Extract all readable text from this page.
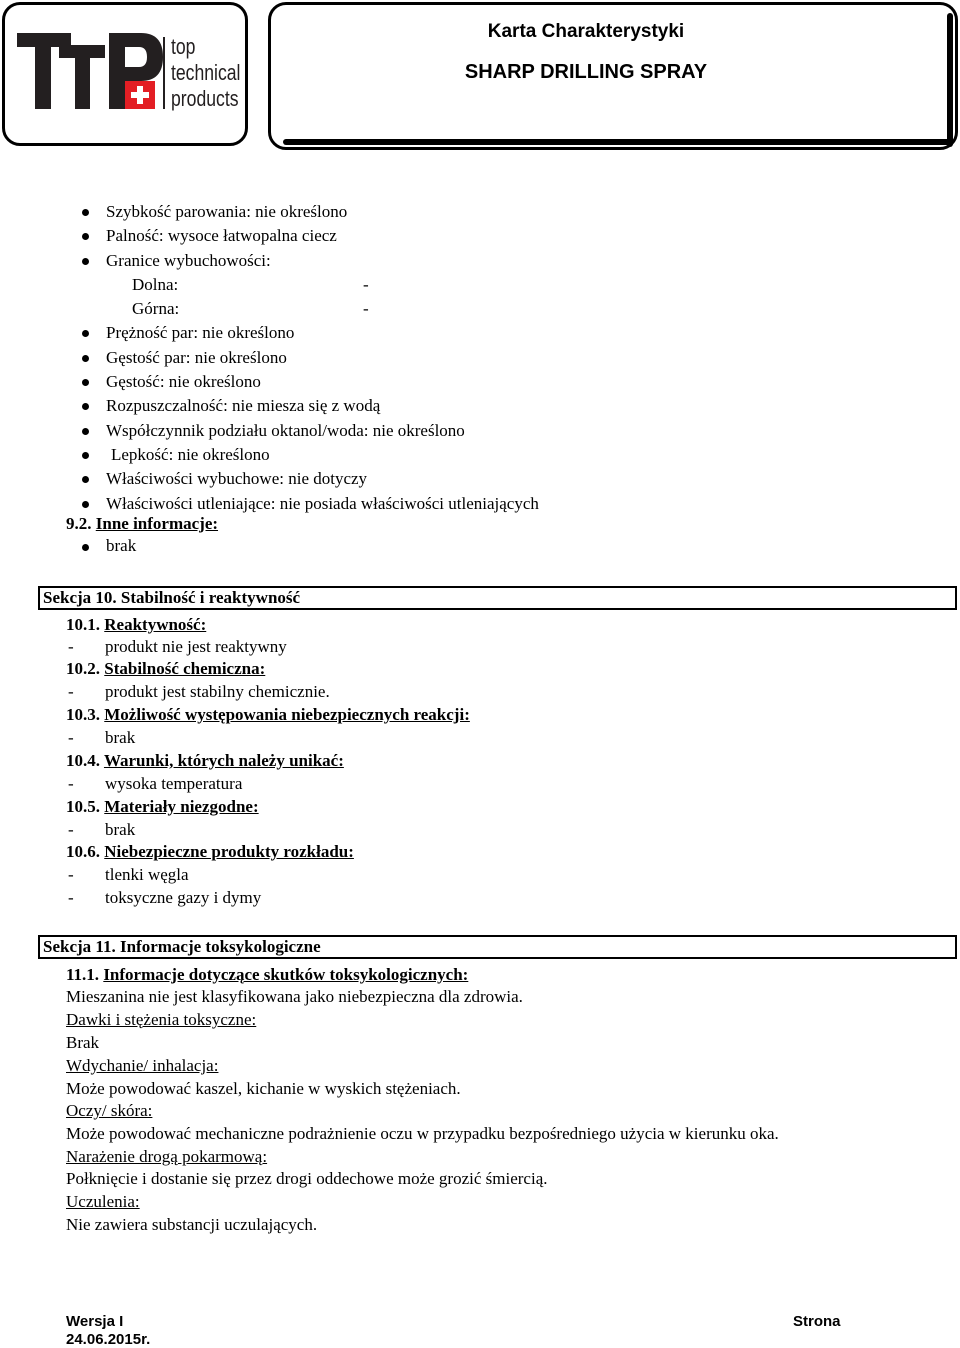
top
technical
products
Karta Charakterystyki
SHARP DRILLING SPRAY
Szybkość parowania: nie określono
Palność: wysoce łatwopalna ciecz
Granice wybuchowości:
Dolna:	-
Górna:	-
Prężność par: nie określono
Gęstość par: nie określono
Gęstość: nie określono
Rozpuszczalność: nie miesza się z wodą
Współczynnik podziału oktanol/woda: nie określono
Lepkość: nie określono
Właściwości wybuchowe: nie dotyczy
Właściwości utleniające: nie posiada właściwości utleniających
9.2. Inne informacje:
brak
Sekcja 10. Stabilność i reaktywność
10.1. Reaktywność:
- produkt nie jest reaktywny
10.2. Stabilność chemiczna:
- produkt jest stabilny chemicznie.
10.3. Możliwość występowania niebezpiecznych reakcji:
- brak
10.4. Warunki, których należy unikać:
- wysoka temperatura
10.5. Materiały niezgodne:
- brak
10.6. Niebezpieczne produkty rozkładu:
- tlenki węgla
- toksyczne gazy i dymy
Sekcja 11. Informacje toksykologiczne
11.1. Informacje dotyczące skutków toksykologicznych:
Mieszanina nie jest klasyfikowana jako niebezpieczna dla zdrowia.
Dawki i stężenia toksyczne:
Brak
Wdychanie/ inhalacja:
Może powodować kaszel, kichanie w wyskich stężeniach.
Oczy/ skóra:
Może powodować mechaniczne podrażnienie oczu w przypadku bezpośredniego użycia w kierunku oka.
Narażenie drogą pokarmową:
Połknięcie i dostanie się przez drogi oddechowe może grozić śmiercią.
Uczulenia:
Nie zawiera substancji uczulających.
Wersja I
24.06.2015r.
Strona
